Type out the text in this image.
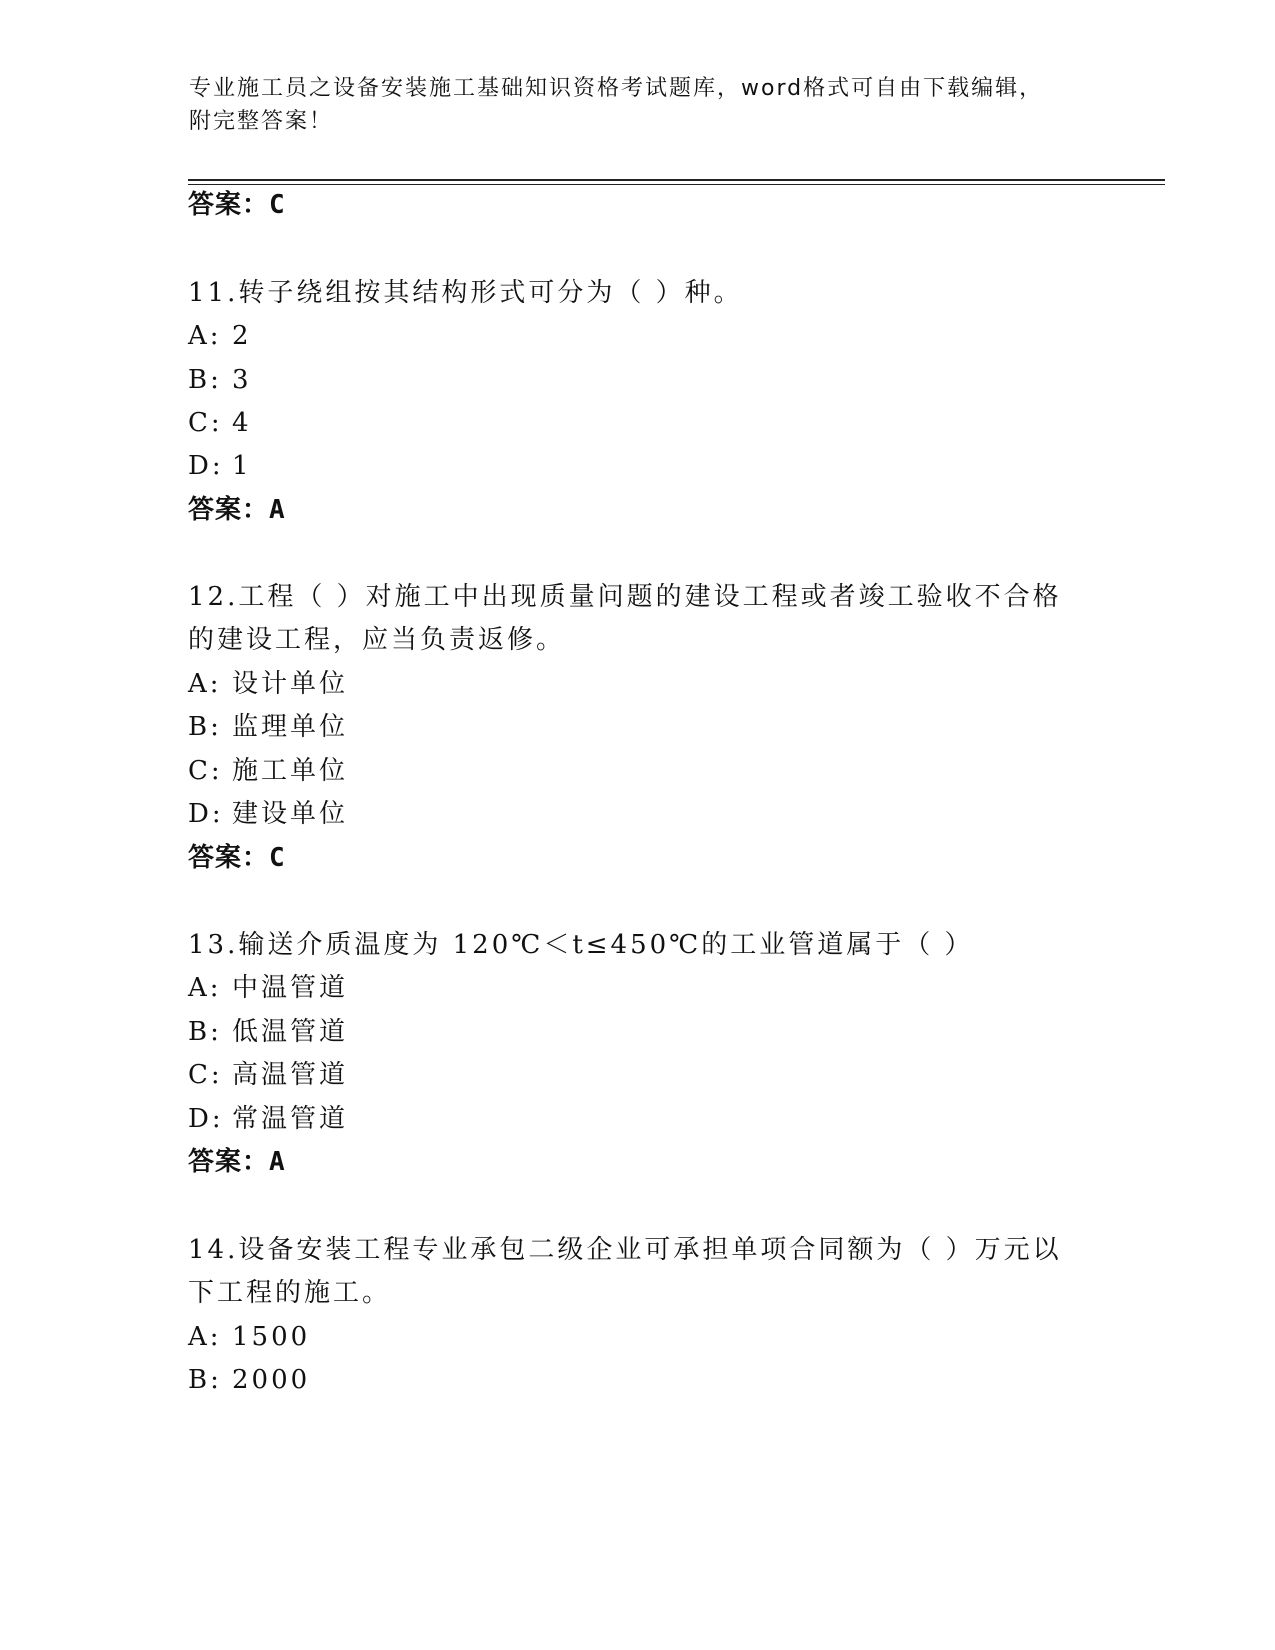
专业施工员之设备安装施工基础知识资格考试题库，word格式可自由下载编辑，
附完整答案！
答案：C
11.转子绕组按其结构形式可分为（ ）种。
A: 2
B: 3
C: 4
D: 1
答案：A
12.工程（ ）对施工中出现质量问题的建设工程或者竣工验收不合格
的建设工程，应当负责返修。
A: 设计单位
B: 监理单位
C: 施工单位
D: 建设单位
答案：C
13.输送介质温度为 120℃＜t≤450℃的工业管道属于（ ）
A: 中温管道
B: 低温管道
C: 高温管道
D: 常温管道
答案：A
14.设备安装工程专业承包二级企业可承担单项合同额为（ ）万元以
下工程的施工。
A: 1500
B: 2000
